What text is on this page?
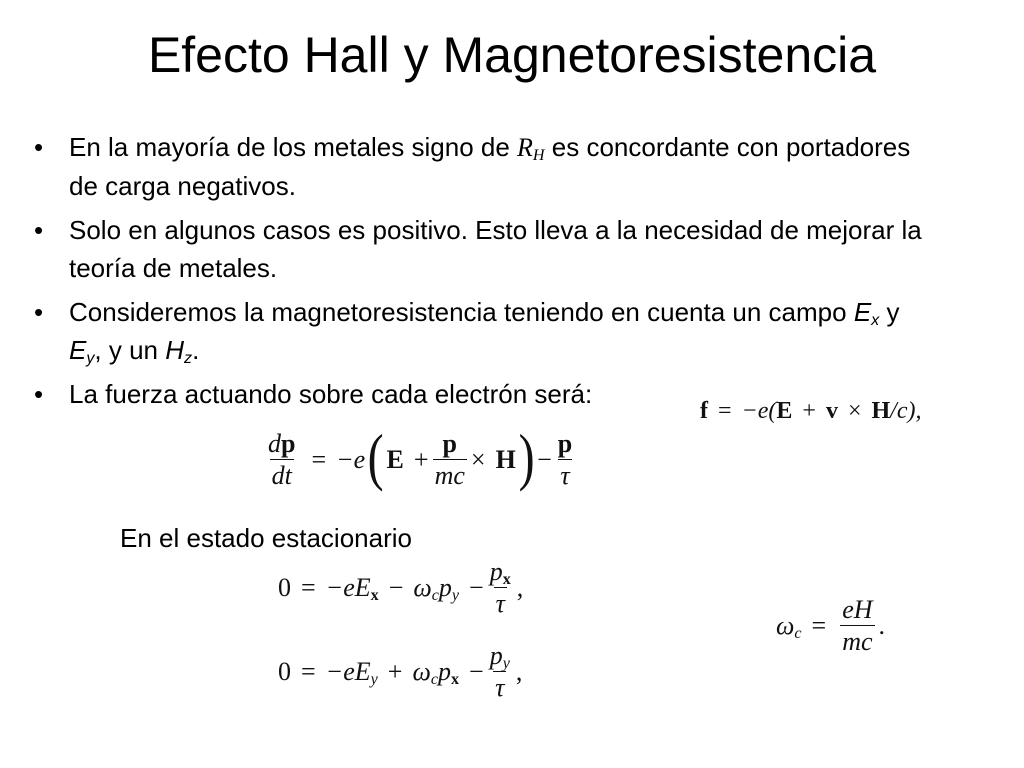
Efecto Hall y Magnetoresistencia
• En la mayoría de los metales signo de $R_H$ es concordante con portadores de carga negativos.
• Solo en algunos casos es positivo. Esto lleva a la necesidad de mejorar la teoría de metales.
• Consideremos la magnetoresistencia teniendo en cuenta un campo $E_x$ y $E_y$, y un $H_z$.
• La fuerza actuando sobre cada electrón será:
f = −e( E + v × H /c),
$\frac{dp}{dt} = -e$ ( $E + \frac{p}{mc} \times H$ ) − $\frac{p}{\tau}$
En el estado estacionario
$0 = -eE_x - \omega_cp_y - \frac{p_x}{\tau}$ ,
$0 = -eE_y + \omega_cp_x - \frac{p_y}{\tau}$ ,
$\omega_c = \frac{eH}{mc}$ .
